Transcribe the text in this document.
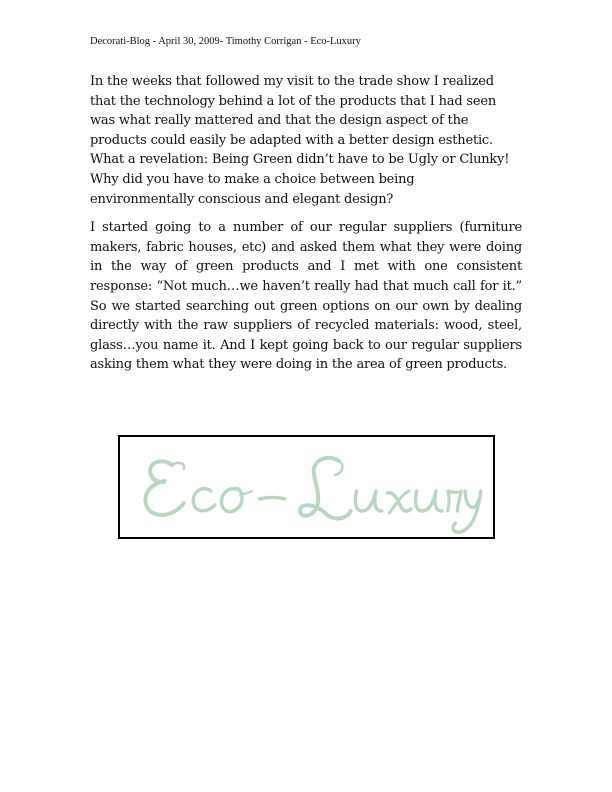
Decorati-Blog - April 30, 2009- Timothy Corrigan - Eco-Luxury

In the weeks that followed my visit to the trade show I realized that the technology behind a lot of the products that I had seen was what really mattered and that the design aspect of the products could easily be adapted with a better design esthetic. What a revelation: Being Green didn’t have to be Ugly or Clunky! Why did you have to make a choice between being environmentally conscious and elegant design?

I started going to a number of our regular suppliers (furniture makers, fabric houses, etc) and asked them what they were doing in the way of green products and I met with one consistent response: “Not much…we haven’t really had that much call for it.” So we started searching out green options on our own by dealing directly with the raw suppliers of recycled materials: wood, steel, glass…you name it. And I kept going back to our regular suppliers asking them what they were doing in the area of green products.
